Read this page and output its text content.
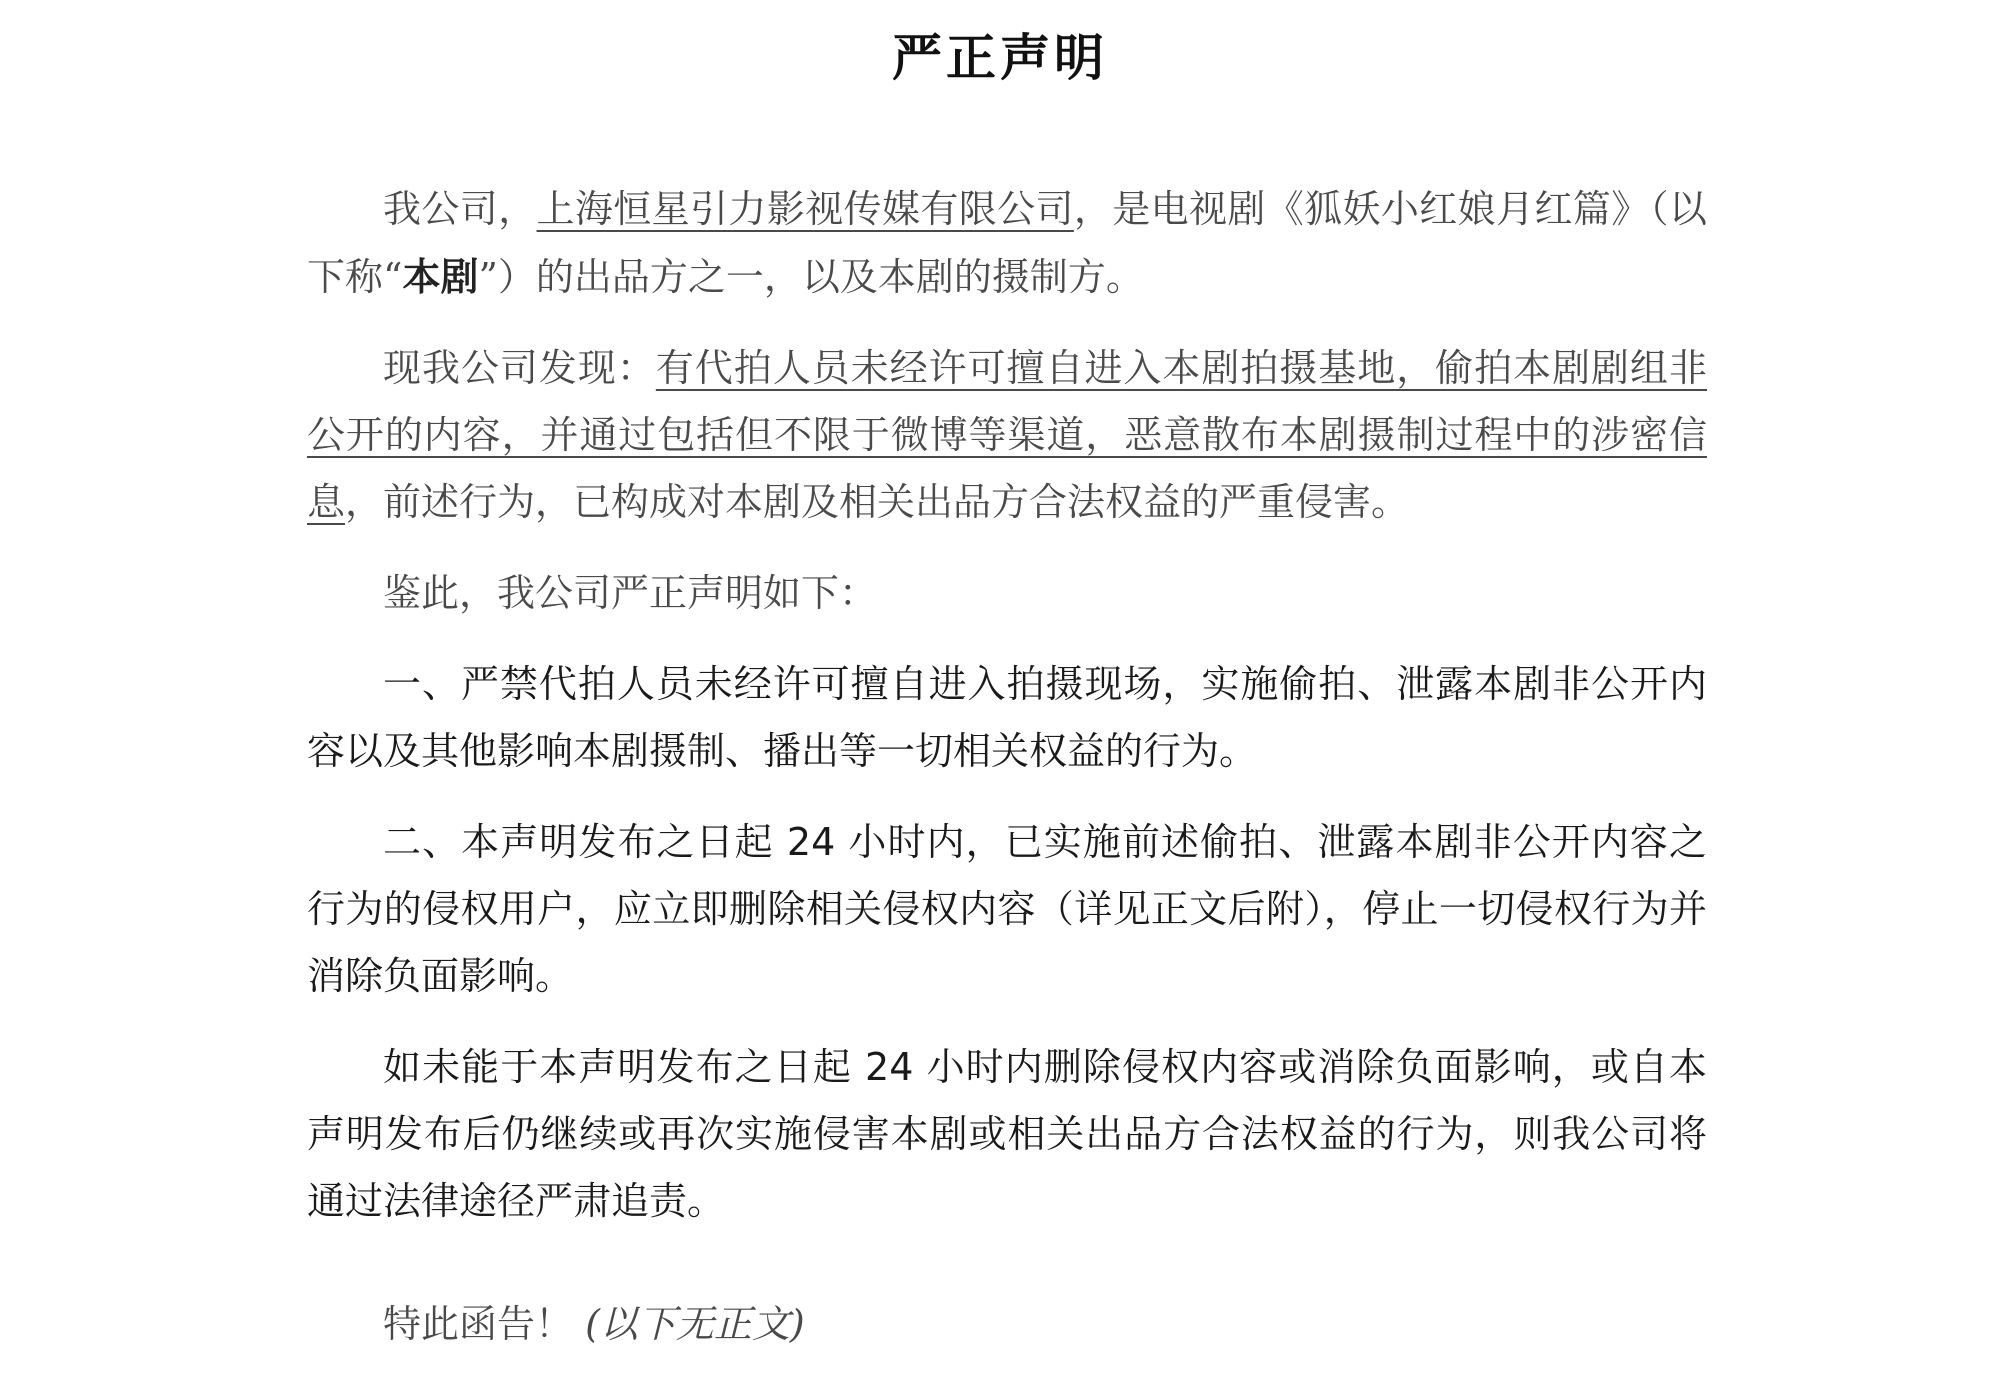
严正声明

我公司，上海恒星引力影视传媒有限公司，是电视剧《狐妖小红娘月红篇》（以下称“本剧”）的出品方之一，以及本剧的摄制方。

现我公司发现：有代拍人员未经许可擅自进入本剧拍摄基地，偷拍本剧剧组非公开的内容，并通过包括但不限于微博等渠道，恶意散布本剧摄制过程中的涉密信息，前述行为，已构成对本剧及相关出品方合法权益的严重侵害。

鉴此，我公司严正声明如下：

一、严禁代拍人员未经许可擅自进入拍摄现场，实施偷拍、泄露本剧非公开内容以及其他影响本剧摄制、播出等一切相关权益的行为。

二、本声明发布之日起 24 小时内，已实施前述偷拍、泄露本剧非公开内容之行为的侵权用户，应立即删除相关侵权内容（详见正文后附），停止一切侵权行为并消除负面影响。

如未能于本声明发布之日起 24 小时内删除侵权内容或消除负面影响，或自本声明发布后仍继续或再次实施侵害本剧或相关出品方合法权益的行为，则我公司将通过法律途径严肃追责。

特此函告！ (以下无正文)
